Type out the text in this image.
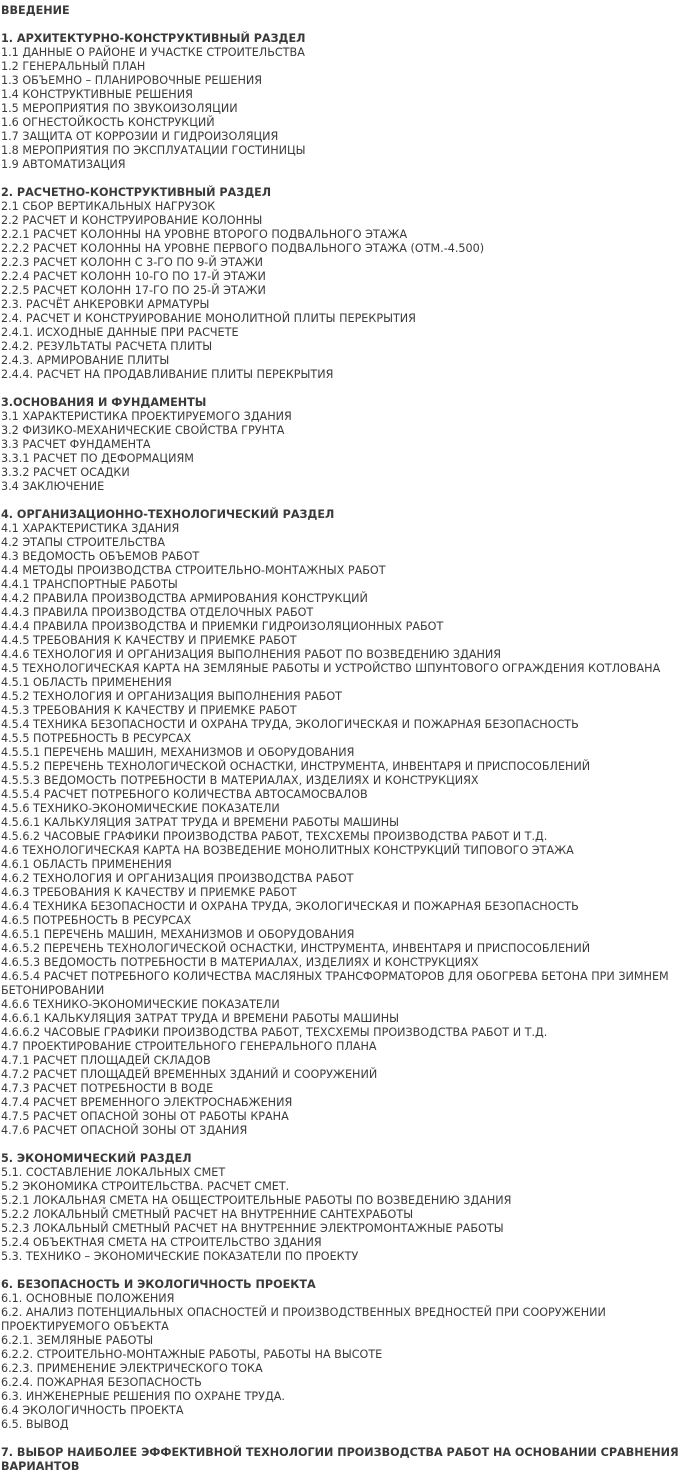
ВВЕДЕНИЕ
1. АРХИТЕКТУРНО-КОНСТРУКТИВНЫЙ РАЗДЕЛ
1.1 ДАННЫЕ О РАЙОНЕ И УЧАСТКЕ СТРОИТЕЛЬСТВА
1.2 ГЕНЕРАЛЬНЫЙ ПЛАН
1.3 ОБЪЕМНО – ПЛАНИРОВОЧНЫЕ РЕШЕНИЯ
1.4 КОНСТРУКТИВНЫЕ РЕШЕНИЯ
1.5 МЕРОПРИЯТИЯ ПО ЗВУКОИЗОЛЯЦИИ
1.6 ОГНЕСТОЙКОСТЬ КОНСТРУКЦИЙ
1.7 ЗАЩИТА ОТ КОРРОЗИИ И ГИДРОИЗОЛЯЦИЯ
1.8 МЕРОПРИЯТИЯ ПО ЭКСПЛУАТАЦИИ ГОСТИНИЦЫ
1.9 АВТОМАТИЗАЦИЯ
2. РАСЧЕТНО-КОНСТРУКТИВНЫЙ РАЗДЕЛ
2.1 СБОР ВЕРТИКАЛЬНЫХ НАГРУЗОК
2.2 РАСЧЕТ И КОНСТРУИРОВАНИЕ КОЛОННЫ
2.2.1 РАСЧЕТ КОЛОННЫ НА УРОВНЕ ВТОРОГО ПОДВАЛЬНОГО ЭТАЖА
2.2.2 РАСЧЕТ КОЛОННЫ НА УРОВНЕ ПЕРВОГО ПОДВАЛЬНОГО ЭТАЖА (ОТМ.-4.500)
2.2.3 РАСЧЕТ КОЛОНН С 3-ГО ПО 9-Й ЭТАЖИ
2.2.4 РАСЧЕТ КОЛОНН 10-ГО ПО 17-Й ЭТАЖИ
2.2.5 РАСЧЕТ КОЛОНН 17-ГО ПО 25-Й ЭТАЖИ
2.3. РАСЧЁТ АНКЕРОВКИ АРМАТУРЫ
2.4. РАСЧЕТ И КОНСТРУИРОВАНИЕ МОНОЛИТНОЙ ПЛИТЫ ПЕРЕКРЫТИЯ
2.4.1. ИСХОДНЫЕ ДАННЫЕ ПРИ РАСЧЕТЕ
2.4.2. РЕЗУЛЬТАТЫ РАСЧЕТА ПЛИТЫ
2.4.3. АРМИРОВАНИЕ ПЛИТЫ
2.4.4. РАСЧЕТ НА ПРОДАВЛИВАНИЕ ПЛИТЫ ПЕРЕКРЫТИЯ
3.ОСНОВАНИЯ И ФУНДАМЕНТЫ
3.1 ХАРАКТЕРИСТИКА ПРОЕКТИРУЕМОГО ЗДАНИЯ
3.2 ФИЗИКО-МЕХАНИЧЕСКИЕ СВОЙСТВА ГРУНТА
3.3 РАСЧЕТ ФУНДАМЕНТА
3.3.1 РАСЧЕТ ПО ДЕФОРМАЦИЯМ
3.3.2 РАСЧЕТ ОСАДКИ
3.4 ЗАКЛЮЧЕНИЕ
4. ОРГАНИЗАЦИОННО-ТЕХНОЛОГИЧЕСКИЙ РАЗДЕЛ
4.1 ХАРАКТЕРИСТИКА ЗДАНИЯ
4.2 ЭТАПЫ СТРОИТЕЛЬСТВА
4.3 ВЕДОМОСТЬ ОБЪЕМОВ РАБОТ
4.4 МЕТОДЫ ПРОИЗВОДСТВА СТРОИТЕЛЬНО-МОНТАЖНЫХ РАБОТ
4.4.1 ТРАНСПОРТНЫЕ РАБОТЫ
4.4.2 ПРАВИЛА ПРОИЗВОДСТВА АРМИРОВАНИЯ КОНСТРУКЦИЙ
4.4.3 ПРАВИЛА ПРОИЗВОДСТВА ОТДЕЛОЧНЫХ РАБОТ
4.4.4 ПРАВИЛА ПРОИЗВОДСТВА И ПРИЕМКИ ГИДРОИЗОЛЯЦИОННЫХ РАБОТ
4.4.5 ТРЕБОВАНИЯ К КАЧЕСТВУ И ПРИЕМКЕ РАБОТ
4.4.6 ТЕХНОЛОГИЯ И ОРГАНИЗАЦИЯ ВЫПОЛНЕНИЯ РАБОТ ПО ВОЗВЕДЕНИЮ ЗДАНИЯ
4.5 ТЕХНОЛОГИЧЕСКАЯ КАРТА НА ЗЕМЛЯНЫЕ РАБОТЫ И УСТРОЙСТВО ШПУНТОВОГО ОГРАЖДЕНИЯ КОТЛОВАНА
4.5.1 ОБЛАСТЬ ПРИМЕНЕНИЯ
4.5.2 ТЕХНОЛОГИЯ И ОРГАНИЗАЦИЯ ВЫПОЛНЕНИЯ РАБОТ
4.5.3 ТРЕБОВАНИЯ К КАЧЕСТВУ И ПРИЕМКЕ РАБОТ
4.5.4 ТЕХНИКА БЕЗОПАСНОСТИ И ОХРАНА ТРУДА, ЭКОЛОГИЧЕСКАЯ И ПОЖАРНАЯ БЕЗОПАСНОСТЬ
4.5.5 ПОТРЕБНОСТЬ В РЕСУРСАХ
4.5.5.1 ПЕРЕЧЕНЬ МАШИН, МЕХАНИЗМОВ И ОБОРУДОВАНИЯ
4.5.5.2 ПЕРЕЧЕНЬ ТЕХНОЛОГИЧЕСКОЙ ОСНАСТКИ, ИНСТРУМЕНТА, ИНВЕНТАРЯ И ПРИСПОСОБЛЕНИЙ
4.5.5.3 ВЕДОМОСТЬ ПОТРЕБНОСТИ В МАТЕРИАЛАХ, ИЗДЕЛИЯХ И КОНСТРУКЦИЯХ
4.5.5.4 РАСЧЕТ ПОТРЕБНОГО КОЛИЧЕСТВА АВТОСАМОСВАЛОВ
4.5.6 ТЕХНИКО-ЭКОНОМИЧЕСКИЕ ПОКАЗАТЕЛИ
4.5.6.1 КАЛЬКУЛЯЦИЯ ЗАТРАТ ТРУДА И ВРЕМЕНИ РАБОТЫ МАШИНЫ
4.5.6.2 ЧАСОВЫЕ ГРАФИКИ ПРОИЗВОДСТВА РАБОТ, ТЕХСХЕМЫ ПРОИЗВОДСТВА РАБОТ И Т.Д.
4.6 ТЕХНОЛОГИЧЕСКАЯ КАРТА НА ВОЗВЕДЕНИЕ МОНОЛИТНЫХ КОНСТРУКЦИЙ ТИПОВОГО ЭТАЖА
4.6.1 ОБЛАСТЬ ПРИМЕНЕНИЯ
4.6.2 ТЕХНОЛОГИЯ И ОРГАНИЗАЦИЯ ПРОИЗВОДСТВА РАБОТ
4.6.3 ТРЕБОВАНИЯ К КАЧЕСТВУ И ПРИЕМКЕ РАБОТ
4.6.4 ТЕХНИКА БЕЗОПАСНОСТИ И ОХРАНА ТРУДА, ЭКОЛОГИЧЕСКАЯ И ПОЖАРНАЯ БЕЗОПАСНОСТЬ
4.6.5 ПОТРЕБНОСТЬ В РЕСУРСАХ
4.6.5.1 ПЕРЕЧЕНЬ МАШИН, МЕХАНИЗМОВ И ОБОРУДОВАНИЯ
4.6.5.2 ПЕРЕЧЕНЬ ТЕХНОЛОГИЧЕСКОЙ ОСНАСТКИ, ИНСТРУМЕНТА, ИНВЕНТАРЯ И ПРИСПОСОБЛЕНИЙ
4.6.5.3 ВЕДОМОСТЬ ПОТРЕБНОСТИ В МАТЕРИАЛАХ, ИЗДЕЛИЯХ И КОНСТРУКЦИЯХ
4.6.5.4 РАСЧЕТ ПОТРЕБНОГО КОЛИЧЕСТВА МАСЛЯНЫХ ТРАНСФОРМАТОРОВ ДЛЯ ОБОГРЕВА БЕТОНА ПРИ ЗИМНЕМ БЕТОНИРОВАНИИ
4.6.6 ТЕХНИКО-ЭКОНОМИЧЕСКИЕ ПОКАЗАТЕЛИ
4.6.6.1 КАЛЬКУЛЯЦИЯ ЗАТРАТ ТРУДА И ВРЕМЕНИ РАБОТЫ МАШИНЫ
4.6.6.2 ЧАСОВЫЕ ГРАФИКИ ПРОИЗВОДСТВА РАБОТ, ТЕХСХЕМЫ ПРОИЗВОДСТВА РАБОТ И Т.Д.
4.7 ПРОЕКТИРОВАНИЕ СТРОИТЕЛЬНОГО ГЕНЕРАЛЬНОГО ПЛАНА
4.7.1 РАСЧЕТ ПЛОЩАДЕЙ СКЛАДОВ
4.7.2 РАСЧЕТ ПЛОЩАДЕЙ ВРЕМЕННЫХ ЗДАНИЙ И СООРУЖЕНИЙ
4.7.3 РАСЧЕТ ПОТРЕБНОСТИ В ВОДЕ
4.7.4 РАСЧЕТ ВРЕМЕННОГО ЭЛЕКТРОСНАБЖЕНИЯ
4.7.5 РАСЧЕТ ОПАСНОЙ ЗОНЫ ОТ РАБОТЫ КРАНА
4.7.6 РАСЧЕТ ОПАСНОЙ ЗОНЫ ОТ ЗДАНИЯ
5. ЭКОНОМИЧЕСКИЙ РАЗДЕЛ
5.1. СОСТАВЛЕНИЕ ЛОКАЛЬНЫХ СМЕТ
5.2 ЭКОНОМИКА СТРОИТЕЛЬСТВА. РАСЧЕТ СМЕТ.
5.2.1 ЛОКАЛЬНАЯ СМЕТА НА ОБЩЕСТРОИТЕЛЬНЫЕ РАБОТЫ ПО ВОЗВЕДЕНИЮ ЗДАНИЯ
5.2.2 ЛОКАЛЬНЫЙ СМЕТНЫЙ РАСЧЕТ НА ВНУТРЕННИЕ САНТЕХРАБОТЫ
5.2.3 ЛОКАЛЬНЫЙ СМЕТНЫЙ РАСЧЕТ НА ВНУТРЕННИЕ ЭЛЕКТРОМОНТАЖНЫЕ РАБОТЫ
5.2.4 ОБЪЕКТНАЯ СМЕТА НА СТРОИТЕЛЬСТВО ЗДАНИЯ
5.3. ТЕХНИКО – ЭКОНОМИЧЕСКИЕ ПОКАЗАТЕЛИ ПО ПРОЕКТУ
6. БЕЗОПАСНОСТЬ И ЭКОЛОГИЧНОСТЬ ПРОЕКТА
6.1. ОСНОВНЫЕ ПОЛОЖЕНИЯ
6.2. АНАЛИЗ ПОТЕНЦИАЛЬНЫХ ОПАСНОСТЕЙ И ПРОИЗВОДСТВЕННЫХ ВРЕДНОСТЕЙ ПРИ СООРУЖЕНИИ ПРОЕКТИРУЕМОГО ОБЪЕКТА
6.2.1. ЗЕМЛЯНЫЕ РАБОТЫ
6.2.2. СТРОИТЕЛЬНО-МОНТАЖНЫЕ РАБОТЫ, РАБОТЫ НА ВЫСОТЕ
6.2.3. ПРИМЕНЕНИЕ ЭЛЕКТРИЧЕСКОГО ТОКА
6.2.4. ПОЖАРНАЯ БЕЗОПАСНОСТЬ
6.3. ИНЖЕНЕРНЫЕ РЕШЕНИЯ ПО ОХРАНЕ ТРУДА.
6.4 ЭКОЛОГИЧНОСТЬ ПРОЕКТА
6.5. ВЫВОД
7. ВЫБОР НАИБОЛЕЕ ЭФФЕКТИВНОЙ ТЕХНОЛОГИИ ПРОИЗВОДСТВА РАБОТ НА ОСНОВАНИИ СРАВНЕНИЯ ВАРИАНТОВ
